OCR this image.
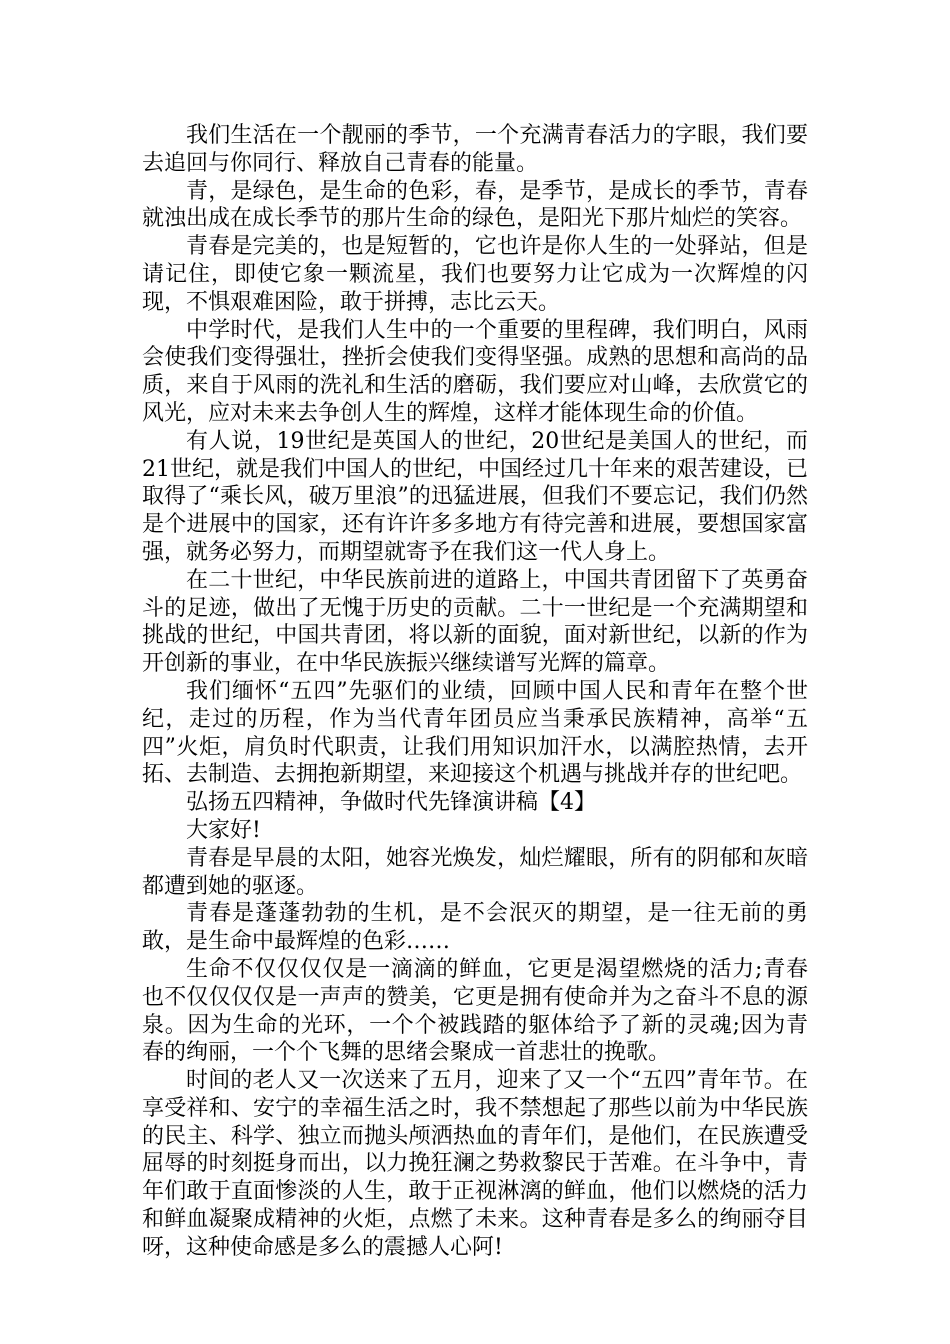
我们生活在一个靓丽的季节，一个充满青春活力的字眼，我们要去追回与你同行、释放自己青春的能量。

青，是绿色，是生命的色彩，春，是季节，是成长的季节，青春就浊出成在成长季节的那片生命的绿色，是阳光下那片灿烂的笑容。

青春是完美的，也是短暂的，它也许是你人生的一处驿站，但是请记住，即使它象一颗流星，我们也要努力让它成为一次辉煌的闪现，不惧艰难困险，敢于拼搏，志比云天。

中学时代，是我们人生中的一个重要的里程碑，我们明白，风雨会使我们变得强壮，挫折会使我们变得坚强。成熟的思想和高尚的品质，来自于风雨的洗礼和生活的磨砺，我们要应对山峰，去欣赏它的风光，应对未来去争创人生的辉煌，这样才能体现生命的价值。

有人说，19世纪是英国人的世纪，20世纪是美国人的世纪，而21世纪，就是我们中国人的世纪，中国经过几十年来的艰苦建设，已取得了“乘长风，破万里浪”的迅猛进展，但我们不要忘记，我们仍然是个进展中的国家，还有许许多多地方有待完善和进展，要想国家富强，就务必努力，而期望就寄予在我们这一代人身上。

在二十世纪，中华民族前进的道路上，中国共青团留下了英勇奋斗的足迹，做出了无愧于历史的贡献。二十一世纪是一个充满期望和挑战的世纪，中国共青团，将以新的面貌，面对新世纪，以新的作为开创新的事业，在中华民族振兴继续谱写光辉的篇章。

我们缅怀“五四”先驱们的业绩，回顾中国人民和青年在整个世纪，走过的历程，作为当代青年团员应当秉承民族精神，高举“五四”火炬，肩负时代职责，让我们用知识加汗水，以满腔热情，去开拓、去制造、去拥抱新期望，来迎接这个机遇与挑战并存的世纪吧。

弘扬五四精神，争做时代先锋演讲稿【4】

大家好!

青春是早晨的太阳，她容光焕发，灿烂耀眼，所有的阴郁和灰暗都遭到她的驱逐。

青春是蓬蓬勃勃的生机，是不会泯灭的期望，是一往无前的勇敢，是生命中最辉煌的色彩……

生命不仅仅仅仅是一滴滴的鲜血，它更是渴望燃烧的活力;青春也不仅仅仅仅是一声声的赞美，它更是拥有使命并为之奋斗不息的源泉。因为生命的光环，一个个被践踏的躯体给予了新的灵魂;因为青春的绚丽，一个个飞舞的思绪会聚成一首悲壮的挽歌。

时间的老人又一次送来了五月，迎来了又一个“五四”青年节。在享受祥和、安宁的幸福生活之时，我不禁想起了那些以前为中华民族的民主、科学、独立而抛头颅洒热血的青年们，是他们，在民族遭受屈辱的时刻挺身而出，以力挽狂澜之势救黎民于苦难。在斗争中，青年们敢于直面惨淡的人生，敢于正视淋漓的鲜血，他们以燃烧的活力和鲜血凝聚成精神的火炬，点燃了未来。这种青春是多么的绚丽夺目呀，这种使命感是多么的震撼人心阿!
